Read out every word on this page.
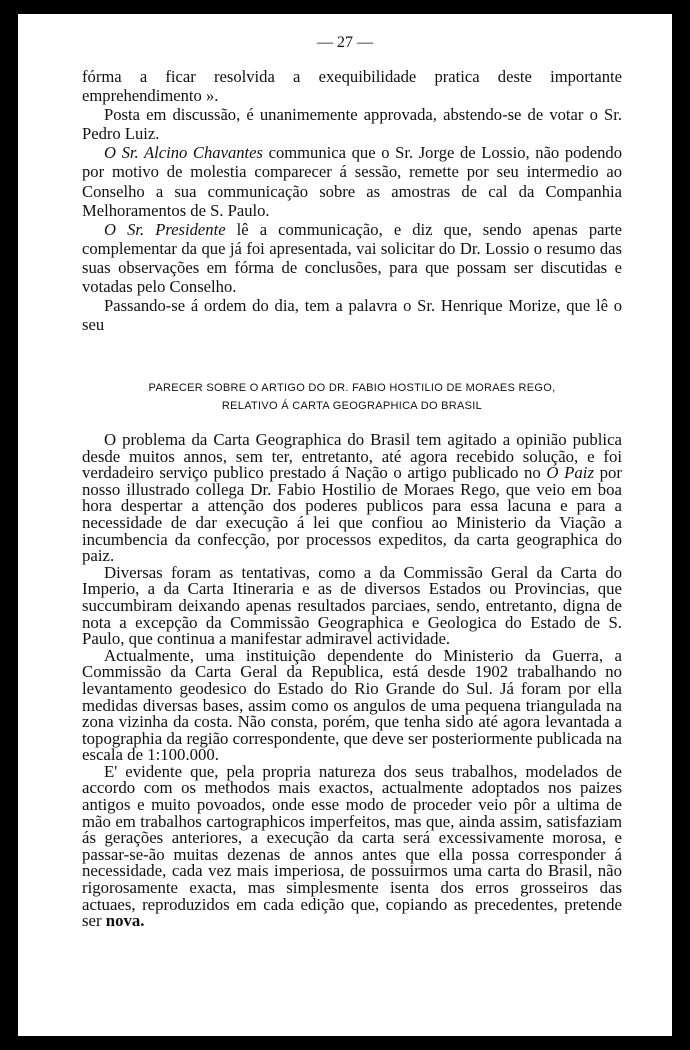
— 27 —

fórma a ficar resolvida a exequibilidade pratica deste importante emprehendimento ».

Posta em discussão, é unanimemente approvada, abstendo-se de votar o Sr. Pedro Luiz.

O Sr. Alcino Chavantes communica que o Sr. Jorge de Lossio, não podendo por motivo de molestia comparecer á sessão, remette por seu intermedio ao Conselho a sua communicação sobre as amostras de cal da Companhia Melhoramentos de S. Paulo.

O Sr. Presidente lê a communicação, e diz que, sendo apenas parte complementar da que já foi apresentada, vai solicitar do Dr. Lossio o resumo das suas observações em fórma de conclusões, para que possam ser discutidas e votadas pelo Conselho.

Passando-se á ordem do dia, tem a palavra o Sr. Henrique Morize, que lê o seu

PARECER SOBRE O ARTIGO DO DR. FABIO HOSTILIO DE MORAES REGO,
RELATIVO Á CARTA GEOGRAPHICA DO BRASIL

O problema da Carta Geographica do Brasil tem agitado a opinião publica desde muitos annos, sem ter, entretanto, até agora recebido solução, e foi verdadeiro serviço publico prestado á Nação o artigo publicado no O Paiz por nosso illustrado collega Dr. Fabio Hostilio de Moraes Rego, que veio em boa hora despertar a attenção dos poderes publicos para essa lacuna e para a necessidade de dar execução á lei que confiou ao Ministerio da Viação a incumbencia da confecção, por processos expeditos, da carta geographica do paiz.

Diversas foram as tentativas, como a da Commissão Geral da Carta do Imperio, a da Carta Itineraria e as de diversos Estados ou Provincias, que succumbiram deixando apenas resultados parciaes, sendo, entretanto, digna de nota a excepção da Commissão Geographica e Geologica do Estado de S. Paulo, que continua a manifestar admiravel actividade.

Actualmente, uma instituição dependente do Ministerio da Guerra, a Commissão da Carta Geral da Republica, está desde 1902 trabalhando no levantamento geodesico do Estado do Rio Grande do Sul. Já foram por ella medidas diversas bases, assim como os angulos de uma pequena triangulada na zona vizinha da costa. Não consta, porém, que tenha sido até agora levantada a topographia da região correspondente, que deve ser posteriormente publicada na escala de 1:100.000.

E' evidente que, pela propria natureza dos seus trabalhos, modelados de accordo com os methodos mais exactos, actualmente adoptados nos paizes antigos e muito povoados, onde esse modo de proceder veio pôr a ultima de mão em trabalhos cartographicos imperfeitos, mas que, ainda assim, satisfaziam ás gerações anteriores, a execução da carta será excessivamente morosa, e passar-se-ão muitas dezenas de annos antes que ella possa corresponder á necessidade, cada vez mais imperiosa, de possuirmos uma carta do Brasil, não rigorosamente exacta, mas simplesmente isenta dos erros grosseiros das actuaes, reproduzidos em cada edição que, copiando as precedentes, pretende ser nova.
